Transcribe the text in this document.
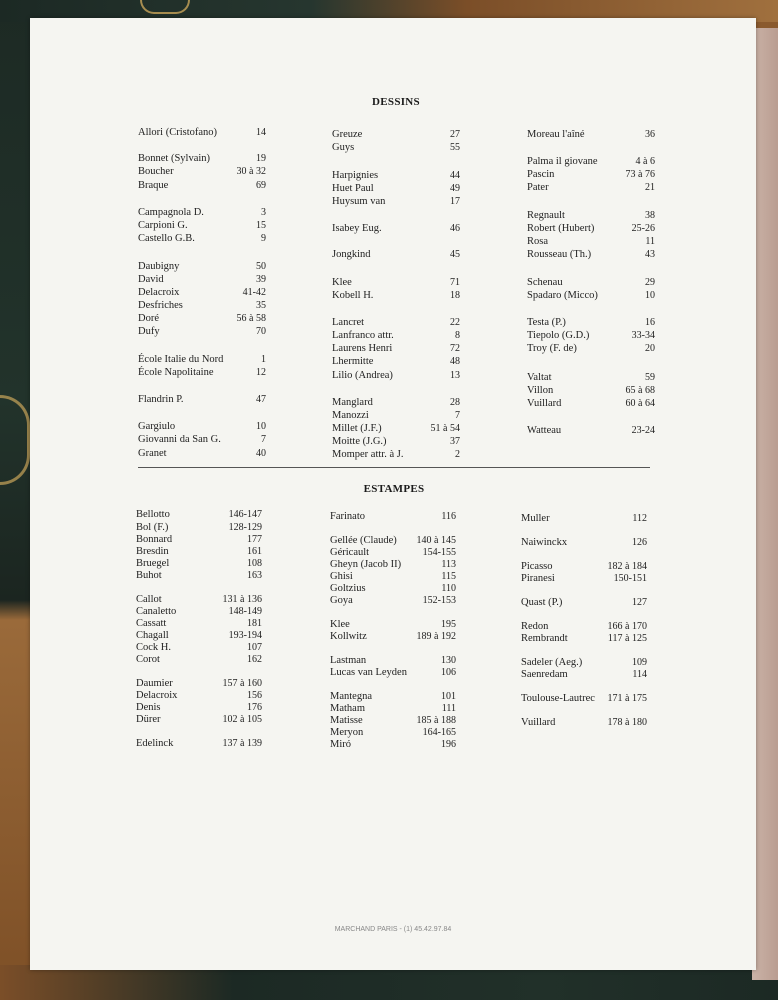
DESSINS
Allori (Cristofano)	14
Bonnet (Sylvain)	19
Boucher	30 à 32
Braque	69
Campagnola D.	3
Carpioni G.	15
Castello G.B.	9
Daubigny	50
David	39
Delacroix	41-42
Desfriches	35
Doré	56 à 58
Dufy	70
École Italie du Nord	1
École Napolitaine	12
Flandrin P.	47
Gargiulo	10
Giovanni da San G.	7
Granet	40
Greuze	27
Guys	55
Harpignies	44
Huet Paul	49
Huysum van	17
Isabey Eug.	46
Jongkind	45
Klee	71
Kobell H.	18
Lancret	22
Lanfranco attr.	8
Laurens Henri	72
Lhermitte	48
Lilio (Andrea)	13
Manglard	28
Manozzi	7
Millet (J.F.)	51 à 54
Moitte (J.G.)	37
Momper attr. à J.	2
Moreau l'aîné	36
Palma il giovane	4 à 6
Pascin	73 à 76
Pater	21
Regnault	38
Robert (Hubert)	25-26
Rosa	11
Rousseau (Th.)	43
Schenau	29
Spadaro (Micco)	10
Testa (P.)	16
Tiepolo (G.D.)	33-34
Troy (F. de)	20
Valtat	59
Villon	65 à 68
Vuillard	60 à 64
Watteau	23-24
ESTAMPES
Bellotto	146-147
Bol (F.)	128-129
Bonnard	177
Bresdin	161
Bruegel	108
Buhot	163
Callot	131 à 136
Canaletto	148-149
Cassatt	181
Chagall	193-194
Cock H.	107
Corot	162
Daumier	157 à 160
Delacroix	156
Denis	176
Dürer	102 à 105
Edelinck	137 à 139
Farinato	116
Gellée (Claude) 140 à 145
Géricault	154-155
Gheyn (Jacob II)	113
Ghisi	115
Goltzius	110
Goya	152-153
Klee	195
Kollwitz	189 à 192
Lastman	130
Lucas van Leyden	106
Mantegna	101
Matham	111
Matisse	185 à 188
Meryon	164-165
Miró	196
Muller	112
Naiwinckx	126
Picasso	182 à 184
Piranesi	150-151
Quast (P.)	127
Redon	166 à 170
Rembrandt	117 à 125
Sadeler (Aeg.)	109
Saenredam	114
Toulouse-Lautrec 171 à 175
Vuillard	178 à 180
MARCHAND PARIS - (1) 45.42.97.84
